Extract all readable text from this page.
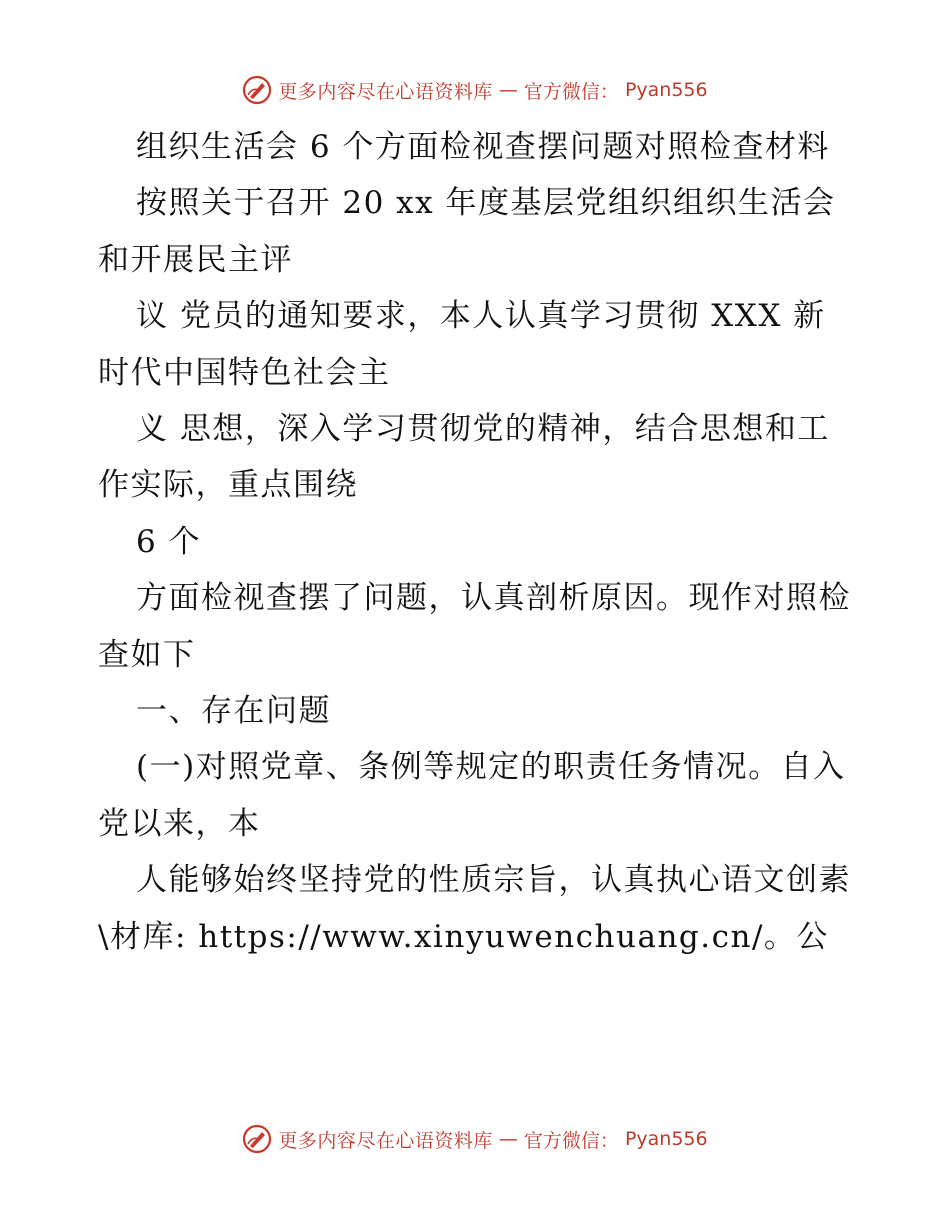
更多内容尽在心语资料库 — 官方微信： Pyan556

组织生活会 6 个方面检视查摆问题对照检查材料

按照关于召开 20 xx 年度基层党组织组织生活会和开展民主评

议 党员的通知要求，本人认真学习贯彻 XXX 新时代中国特色社会主

义 思想，深入学习贯彻党的精神，结合思想和工作实际，重点围绕

6 个

方面检视查摆了问题，认真剖析原因。现作对照检查如下

一、存在问题

(一)对照党章、条例等规定的职责任务情况。自入党以来，本

人能够始终坚持党的性质宗旨，认真执心语文创素\材库: https://www.xinyuwenchuang.cn/。公

更多内容尽在心语资料库 — 官方微信： Pyan556
